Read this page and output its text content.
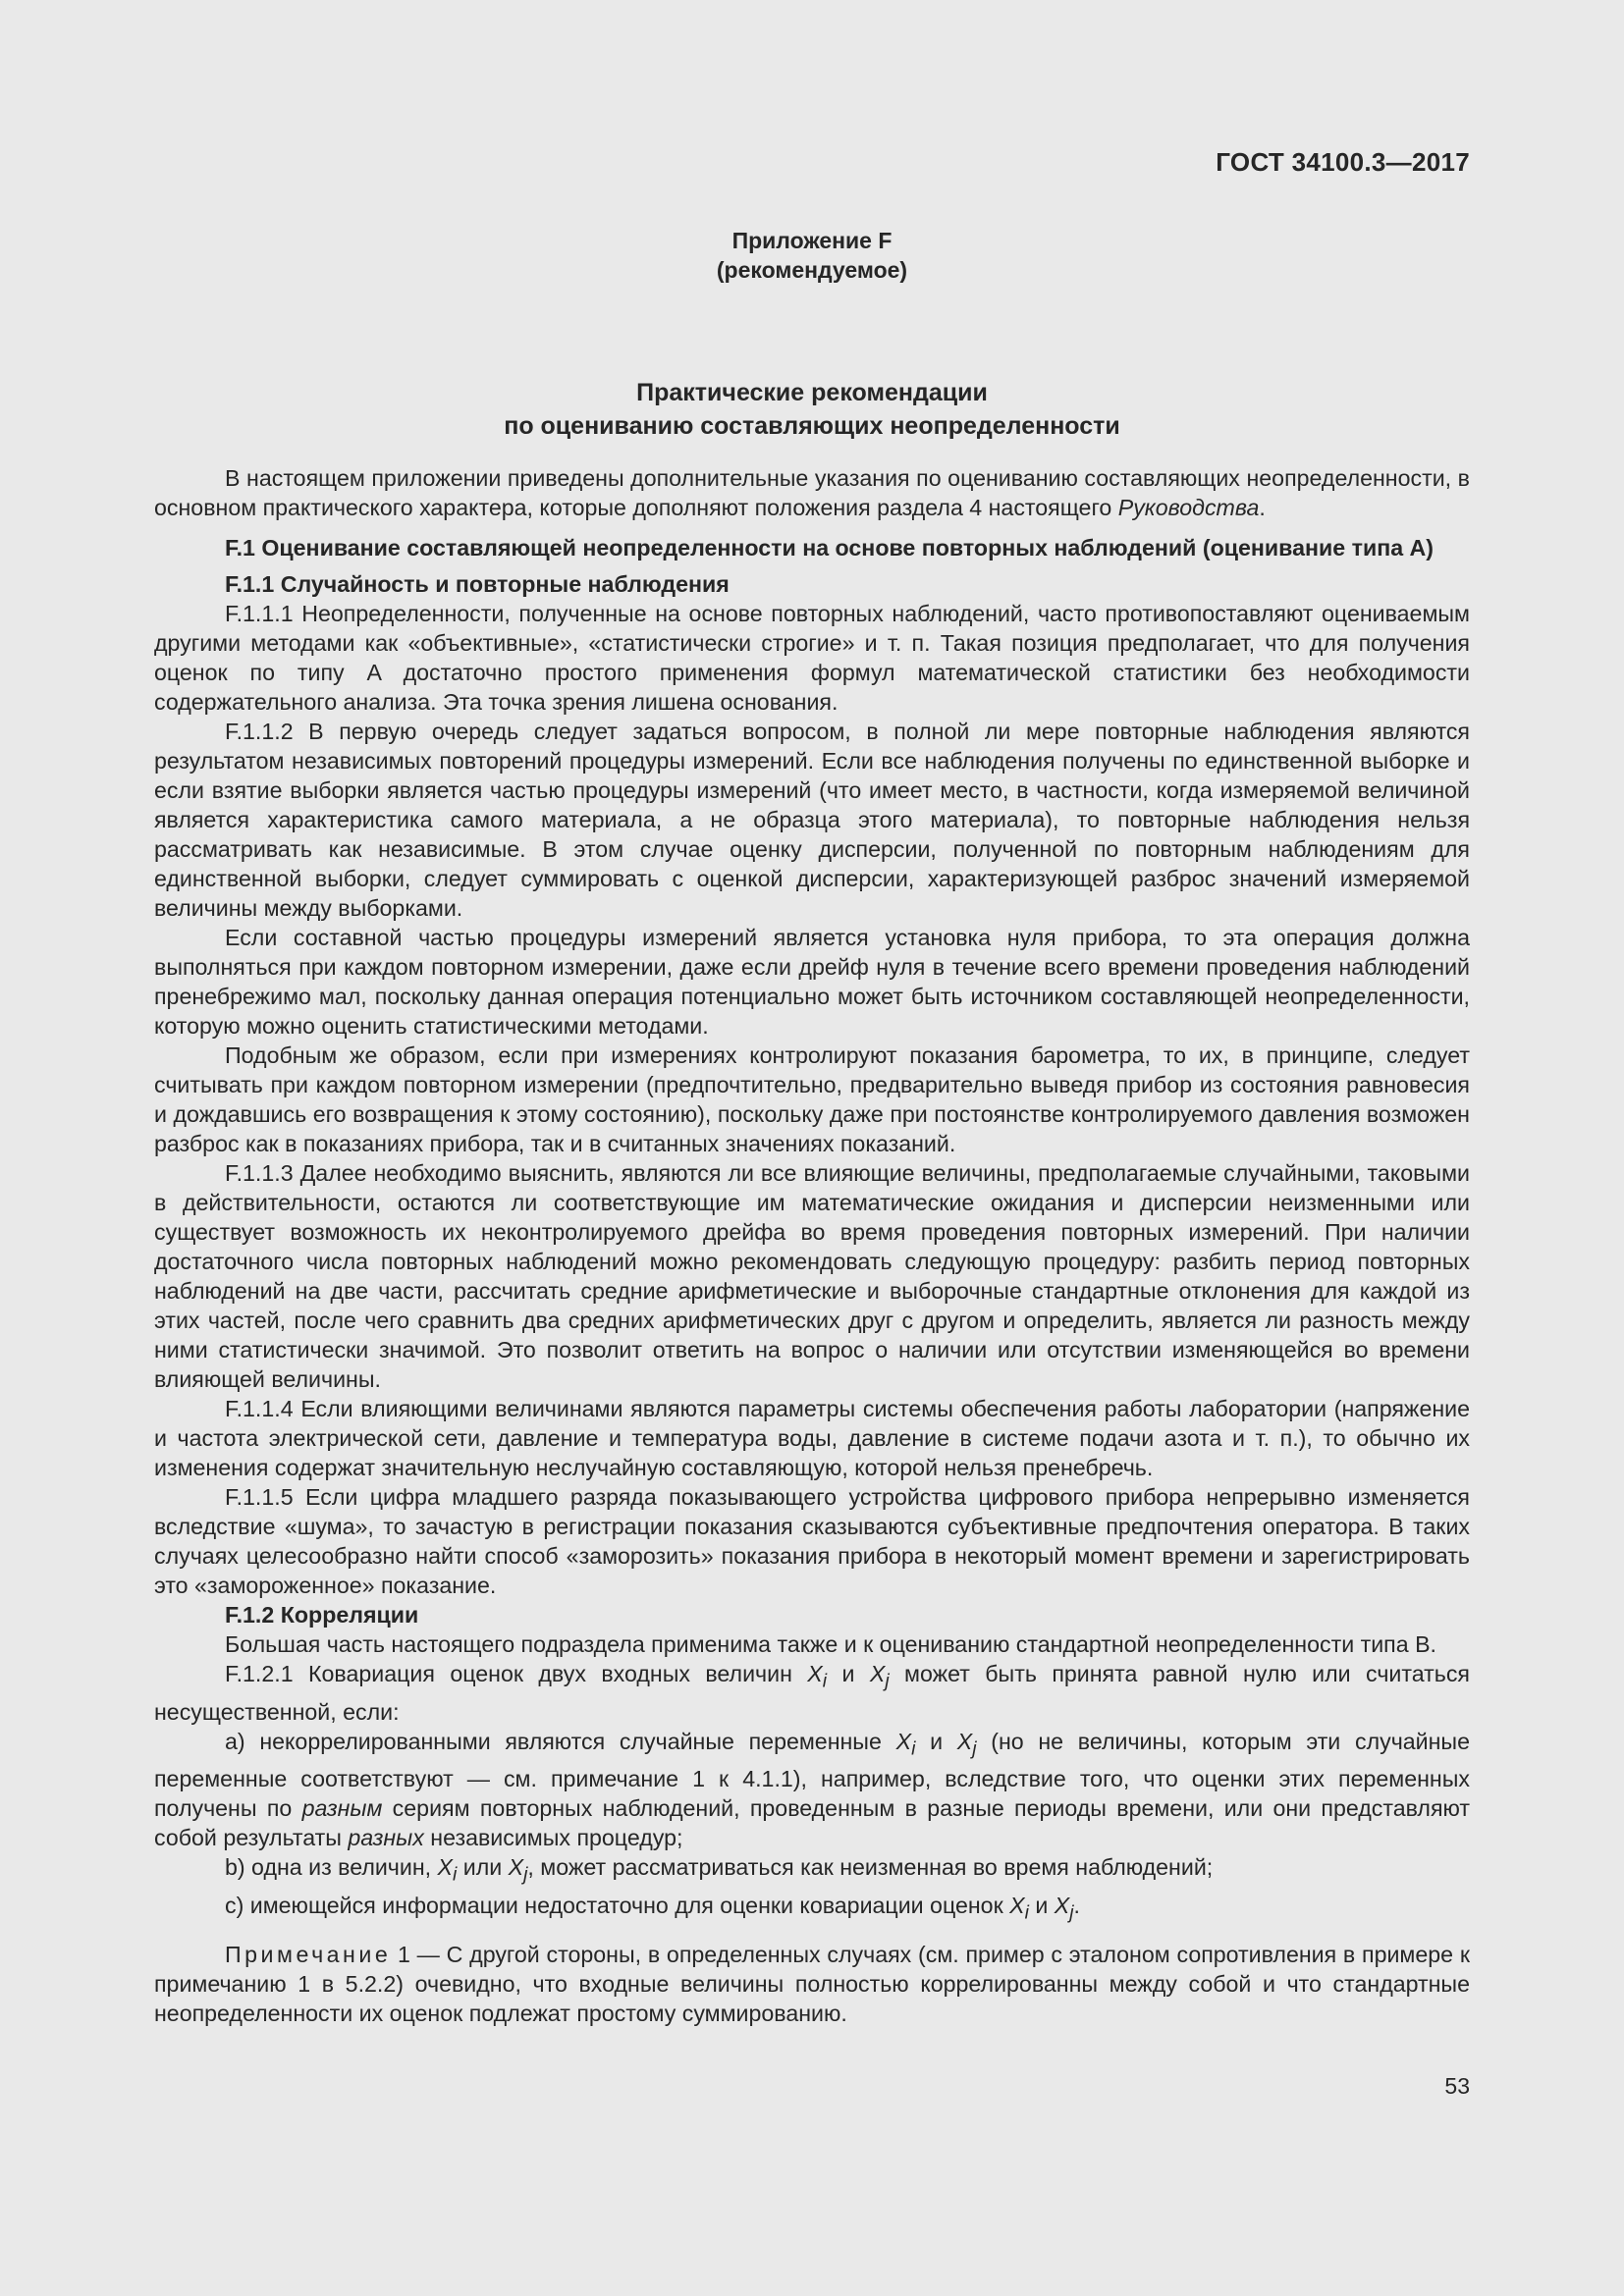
ГОСТ 34100.3—2017
Приложение F
(рекомендуемое)
Практические рекомендации
по оцениванию составляющих неопределенности

В настоящем приложении приведены дополнительные указания по оцениванию составляющих неопределенности, в основном практического характера, которые дополняют положения раздела 4 настоящего Руководства.

F.1 Оценивание составляющей неопределенности на основе повторных наблюдений (оценивание типа A)

F.1.1 Случайность и повторные наблюдения

F.1.1.1 Неопределенности, полученные на основе повторных наблюдений, часто противопоставляют оцениваемым другими методами как «объективные», «статистически строгие» и т. п. Такая позиция предполагает, что для получения оценок по типу A достаточно простого применения формул математической статистики без необходимости содержательного анализа. Эта точка зрения лишена основания.

F.1.1.2 В первую очередь следует задаться вопросом, в полной ли мере повторные наблюдения являются результатом независимых повторений процедуры измерений. Если все наблюдения получены по единственной выборке и если взятие выборки является частью процедуры измерений (что имеет место, в частности, когда измеряемой величиной является характеристика самого материала, а не образца этого материала), то повторные наблюдения нельзя рассматривать как независимые. В этом случае оценку дисперсии, полученной по повторным наблюдениям для единственной выборки, следует суммировать с оценкой дисперсии, характеризующей разброс значений измеряемой величины между выборками.

Если составной частью процедуры измерений является установка нуля прибора, то эта операция должна выполняться при каждом повторном измерении, даже если дрейф нуля в течение всего времени проведения наблюдений пренебрежимо мал, поскольку данная операция потенциально может быть источником составляющей неопределенности, которую можно оценить статистическими методами.

Подобным же образом, если при измерениях контролируют показания барометра, то их, в принципе, следует считывать при каждом повторном измерении (предпочтительно, предварительно выведя прибор из состояния равновесия и дождавшись его возвращения к этому состоянию), поскольку даже при постоянстве контролируемого давления возможен разброс как в показаниях прибора, так и в считанных значениях показаний.

F.1.1.3 Далее необходимо выяснить, являются ли все влияющие величины, предполагаемые случайными, таковыми в действительности, остаются ли соответствующие им математические ожидания и дисперсии неизменными или существует возможность их неконтролируемого дрейфа во время проведения повторных измерений. При наличии достаточного числа повторных наблюдений можно рекомендовать следующую процедуру: разбить период повторных наблюдений на две части, рассчитать средние арифметические и выборочные стандартные отклонения для каждой из этих частей, после чего сравнить два средних арифметических друг с другом и определить, является ли разность между ними статистически значимой. Это позволит ответить на вопрос о наличии или отсутствии изменяющейся во времени влияющей величины.

F.1.1.4 Если влияющими величинами являются параметры системы обеспечения работы лаборатории (напряжение и частота электрической сети, давление и температура воды, давление в системе подачи азота и т. п.), то обычно их изменения содержат значительную неслучайную составляющую, которой нельзя пренебречь.

F.1.1.5 Если цифра младшего разряда показывающего устройства цифрового прибора непрерывно изменяется вследствие «шума», то зачастую в регистрации показания сказываются субъективные предпочтения оператора. В таких случаях целесообразно найти способ «заморозить» показания прибора в некоторый момент времени и зарегистрировать это «замороженное» показание.

F.1.2 Корреляции

Большая часть настоящего подраздела применима также и к оцениванию стандартной неопределенности типа B.

F.1.2.1 Ковариация оценок двух входных величин $X_i$ и $X_j$ может быть принята равной нулю или считаться несущественной, если:

а) некоррелированными являются случайные переменные $X_i$ и $X_j$ (но не величины, которым эти случайные переменные соответствуют — см. примечание 1 к 4.1.1), например, вследствие того, что оценки этих переменных получены по разным сериям повторных наблюдений, проведенным в разные периоды времени, или они представляют собой результаты разных независимых процедур;

b) одна из величин, $X_i$ или $X_j$, может рассматриваться как неизменная во время наблюдений;

c) имеющейся информации недостаточно для оценки ковариации оценок $X_i$ и $X_j$.

Примечание 1 — С другой стороны, в определенных случаях (см. пример с эталоном сопротивления в примере к примечанию 1 в 5.2.2) очевидно, что входные величины полностью коррелированны между собой и что стандартные неопределенности их оценок подлежат простому суммированию.

53
